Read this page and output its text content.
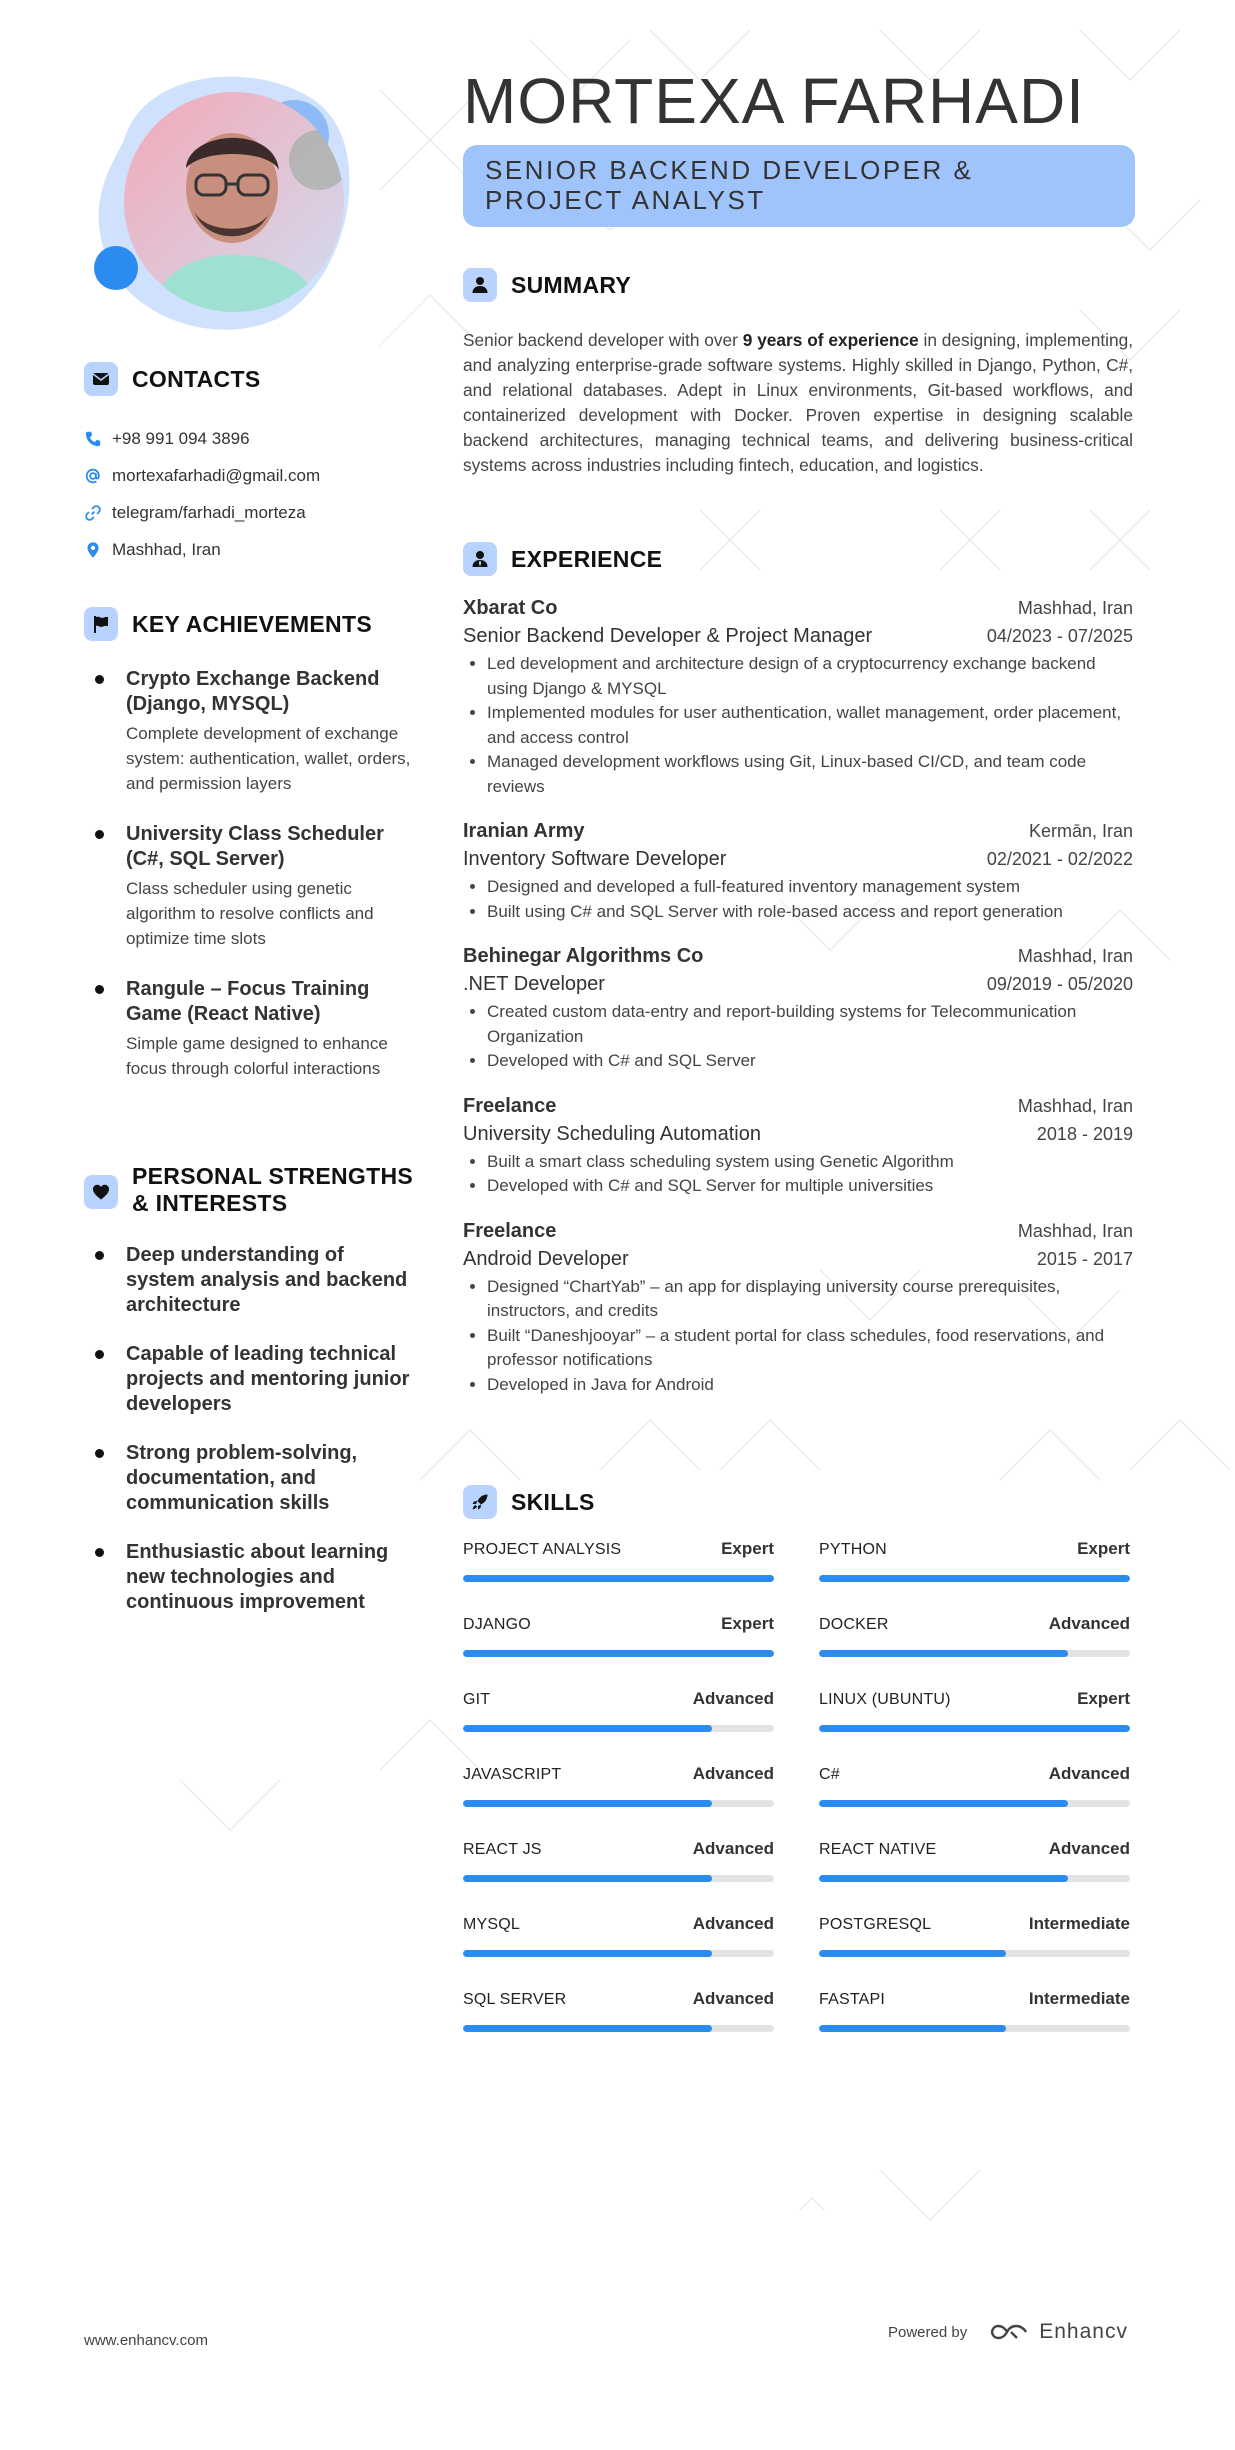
CONTACTS
+98 991 094 3896
mortexafarhadi@gmail.com
telegram/farhadi_morteza
Mashhad, Iran
KEY ACHIEVEMENTS
Crypto Exchange Backend (Django, MYSQL)
Complete development of exchange system: authentication, wallet, orders, and permission layers
University Class Scheduler (C#, SQL Server)
Class scheduler using genetic algorithm to resolve conflicts and optimize time slots
Rangule – Focus Training Game (React Native)
Simple game designed to enhance focus through colorful interactions
PERSONAL STRENGTHS & INTERESTS
Deep understanding of system analysis and backend architecture
Capable of leading technical projects and mentoring junior developers
Strong problem-solving, documentation, and communication skills
Enthusiastic about learning new technologies and continuous improvement
MORTEXA FARHADI
SENIOR BACKEND DEVELOPER & PROJECT ANALYST
SUMMARY
Senior backend developer with over 9 years of experience in designing, implementing, and analyzing enterprise-grade software systems. Highly skilled in Django, Python, C#, and relational databases. Adept in Linux environments, Git-based workflows, and containerized development with Docker. Proven expertise in designing scalable backend architectures, managing technical teams, and delivering business-critical systems across industries including fintech, education, and logistics.
EXPERIENCE
Xbarat Co	Mashhad, Iran
Senior Backend Developer & Project Manager	04/2023 - 07/2025
• Led development and architecture design of a cryptocurrency exchange backend using Django & MYSQL
• Implemented modules for user authentication, wallet management, order placement, and access control
• Managed development workflows using Git, Linux-based CI/CD, and team code reviews
Iranian Army	Kermān, Iran
Inventory Software Developer	02/2021 - 02/2022
• Designed and developed a full-featured inventory management system
• Built using C# and SQL Server with role-based access and report generation
Behinegar Algorithms Co	Mashhad, Iran
.NET Developer	09/2019 - 05/2020
• Created custom data-entry and report-building systems for Telecommunication Organization
• Developed with C# and SQL Server
Freelance	Mashhad, Iran
University Scheduling Automation	2018 - 2019
• Built a smart class scheduling system using Genetic Algorithm
• Developed with C# and SQL Server for multiple universities
Freelance	Mashhad, Iran
Android Developer	2015 - 2017
• Designed “ChartYab” – an app for displaying university course prerequisites, instructors, and credits
• Built “Daneshjooyar” – a student portal for class schedules, food reservations, and professor notifications
• Developed in Java for Android
SKILLS
PROJECT ANALYSIS	Expert	PYTHON	Expert
DJANGO	Expert	DOCKER	Advanced
GIT	Advanced	LINUX (UBUNTU)	Expert
JAVASCRIPT	Advanced	C#	Advanced
REACT JS	Advanced	REACT NATIVE	Advanced
MYSQL	Advanced	POSTGRESQL	Intermediate
SQL SERVER	Advanced	FASTAPI	Intermediate
www.enhancv.com	Powered by	Enhancv
